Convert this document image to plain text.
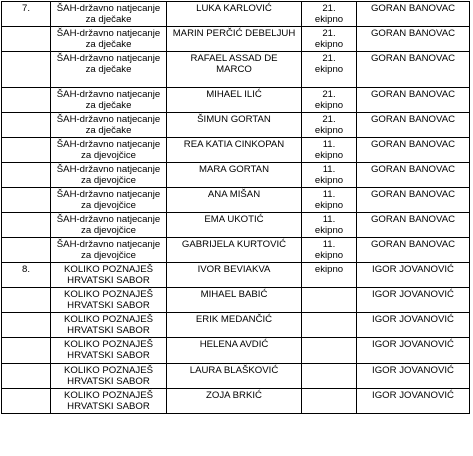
7.	ŠAH-državno natjecanje
za dječake	LUKA KARLOVIĆ	21.
ekipno	GORAN BANOVAC

	ŠAH-državno natjecanje
za dječake	MARIN PERČIĆ DEBELJUH	21.
ekipno	GORAN BANOVAC

	ŠAH-državno natjecanje
za dječake	RAFAEL ASSAD DE
MARCO	21.
ekipno	GORAN BANOVAC

	ŠAH-državno natjecanje
za dječake	MIHAEL ILIĆ	21.
ekipno	GORAN BANOVAC

	ŠAH-državno natjecanje
za dječake	ŠIMUN GORTAN	21.
ekipno	GORAN BANOVAC

	ŠAH-državno natjecanje
za djevojčice	REA KATIA CINKOPAN	11.
ekipno	GORAN BANOVAC

	ŠAH-državno natjecanje
za djevojčice	MARA GORTAN	11.
ekipno	GORAN BANOVAC

	ŠAH-državno natjecanje
za djevojčice	ANA MIŠAN	11.
ekipno	GORAN BANOVAC

	ŠAH-državno natjecanje
za djevojčice	EMA UKOTIĆ	11.
ekipno	GORAN BANOVAC

	ŠAH-državno natjecanje
za djevojčice	GABRIJELA KURTOVIĆ	11.
ekipno	GORAN BANOVAC

8.	KOLIKO POZNAJEŠ
HRVATSKI SABOR	IVOR BEVIAKVA	ekipno	IGOR JOVANOVIĆ

	KOLIKO POZNAJEŠ
HRVATSKI SABOR	MIHAEL BABIĆ		IGOR JOVANOVIĆ

	KOLIKO POZNAJEŠ
HRVATSKI SABOR	ERIK MEDANČIĆ		IGOR JOVANOVIĆ

	KOLIKO POZNAJEŠ
HRVATSKI SABOR	HELENA AVDIĆ		IGOR JOVANOVIĆ

	KOLIKO POZNAJEŠ
HRVATSKI SABOR	LAURA BLAŠKOVIĆ		IGOR JOVANOVIĆ

	KOLIKO POZNAJEŠ
HRVATSKI SABOR	ZOJA BRKIĆ		IGOR JOVANOVIĆ
